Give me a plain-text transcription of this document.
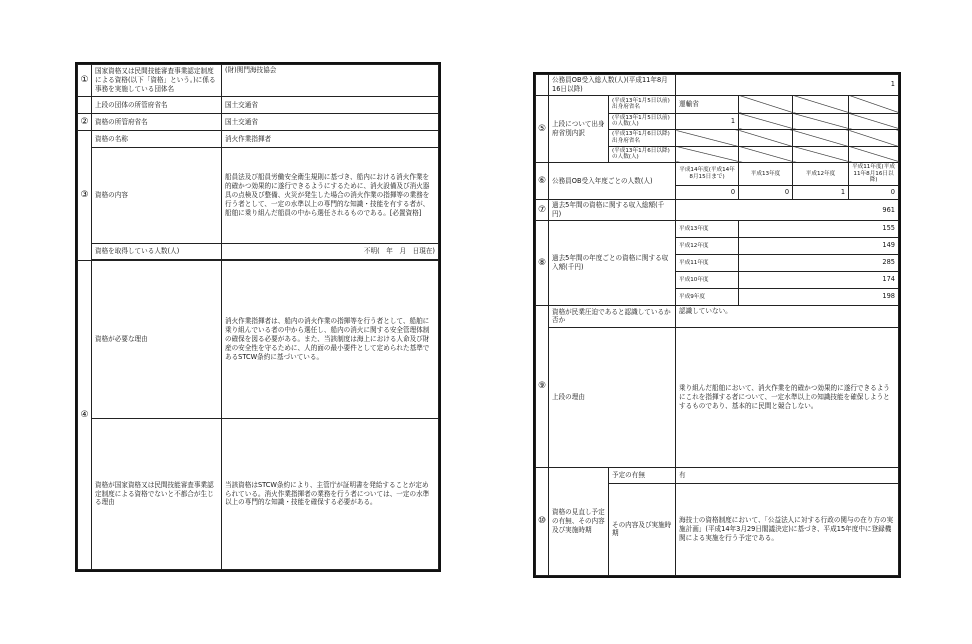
①	国家資格又は民間技能審査事業認定制度による資格(以下「資格」という。)に係る事務を実施している団体名	(財)関門海技協会
	上段の団体の所管府省名	国土交通省
②	資格の所管府省名	国土交通省
③	資格の名称	消火作業指揮者
	資格の内容	船員法及び船員労働安全衛生規則に基づき、船内における消火作業を的確かつ効果的に遂行できるようにするために、消火設備及び消火器具の点検及び整備、火災が発生した場合の消火作業の指揮等の業務を行う者として、一定の水準以上の専門的な知識・技能を有する者が、船舶に乗り組んだ船員の中から選任されるものである。[必置資格]
	資格を取得している人数(人)	不明(　年　月　日現在)

④	資格が必要な理由	消火作業指揮者は、船内の消火作業の指揮等を行う者として、船舶に乗り組んでいる者の中から選任し、船内の消火に関する安全管理体制の確保を図る必要がある。また、当該制度は海上における人命及び財産の安全性を守るために、人的面の最小要件として定められた基準であるSTCW条約に基づいている。
	資格が国家資格又は民間技能審査事業認定制度による資格でないと不都合が生じる理由	当該資格はSTCW条約により、主管庁が証明書を発給することが定められている。消火作業指揮者の業務を行う者については、一定の水準以上の専門的な知識・技能を確保する必要がある。
	公務員OB受入総人数(人)(平成11年8月16日以降)		1			
⑤	上段について出身府省別内訳	(平成13年1月5日以前)出身府省名	運輸省			
		(平成13年1月5日以前)の人数(人)	1			
		(平成13年1月6日以降)出身府省名				
		(平成13年1月6日以降)の人数(人)				
⑥	公務員OB受入年度ごとの人数(人)		平成14年度(平成14年8月15日まで)	平成13年度	平成12年度	平成11年度(平成11年8月16日以降)
			0	0	1	0
⑦	過去5年間の資格に関する収入総額(千円)		961			
⑧	過去5年間の年度ごとの資格に関する収入額(千円)		平成13年度	155		
			平成12年度	149		
			平成11年度	285		
			平成10年度	174		
			平成9年度	198		
⑨	資格が民業圧迫であると認識しているか否か		認識していない。			
	上段の理由		乗り組んだ船舶において、消火作業を的確かつ効果的に遂行できるようにこれを指揮する者について、一定水準以上の知識技能を確保しようとするものであり、基本的に民間と競合しない。			
⑩	資格の見直し予定の有無、その内容及び実施時期	予定の有無	有			
		その内容及び実施時期	海技士の資格制度において、「公益法人に対する行政の関与の在り方の実施計画」(平成14年3月29日閣議決定)に基づき、平成15年度中に登録機関による実施を行う予定である。			
